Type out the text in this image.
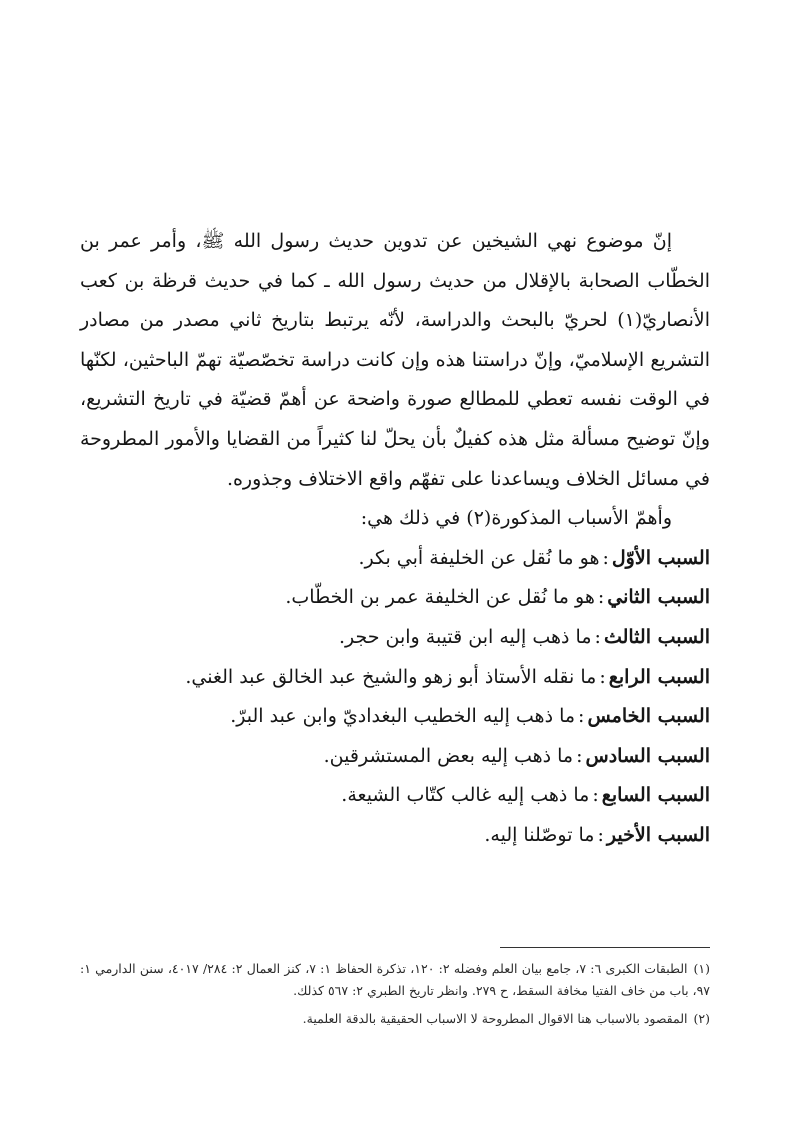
إنّ موضوع نهي الشيخين عن تدوين حديث رسول الله ﷺ، وأمر عمر بن الخطّاب الصحابة بالإقلال من حديث رسول الله ـ كما في حديث قرظة بن كعب الأنصاريّ(١) لحريّ بالبحث والدراسة، لأنّه يرتبط بتاريخ ثاني مصدر من مصادر التشريع الإسلاميّ، وإنّ دراستنا هذه وإن كانت دراسة تخصّصيّة تهمّ الباحثين، لكنّها في الوقت نفسه تعطي للمطالع صورة واضحة عن أهمّ قضيّة في تاريخ التشريع، وإنّ توضيح مسألة مثل هذه كفيلٌ بأن يحلّ لنا كثيراً من القضايا والأمور المطروحة في مسائل الخلاف ويساعدنا على تفهّم واقع الاختلاف وجذوره.

وأهمّ الأسباب المذكورة(٢) في ذلك هي:

السبب الأوّل:هو ما نُقل عن الخليفة أبي بكر.
السبب الثاني:هو ما نُقل عن الخليفة عمر بن الخطّاب.
السبب الثالث:ما ذهب إليه ابن قتيبة وابن حجر.
السبب الرابع:ما نقله الأستاذ أبو زهو والشيخ عبد الخالق عبد الغني.
السبب الخامس:ما ذهب إليه الخطيب البغداديّ وابن عبد البرّ.
السبب السادس:ما ذهب إليه بعض المستشرقين.
السبب السابع:ما ذهب إليه غالب كتّاب الشيعة.
السبب الأخير:ما توصّلنا إليه.

(١)الطبقات الكبرى ٦: ٧، جامع بيان العلم وفضله ٢: ١٢٠، تذكرة الحفاظ ١: ٧، كنز العمال ٢: ٢٨٤/ ٤٠١٧، سنن الدارمي ١: ٩٧، باب من خاف الفتيا مخافة السقط، ح ٢٧٩. وانظر تاريخ الطبري ٢: ٥٦٧ كذلك.

(٢)المقصود بالاسباب هنا الاقوال المطروحة لا الاسباب الحقيقية بالدقة العلمية.
